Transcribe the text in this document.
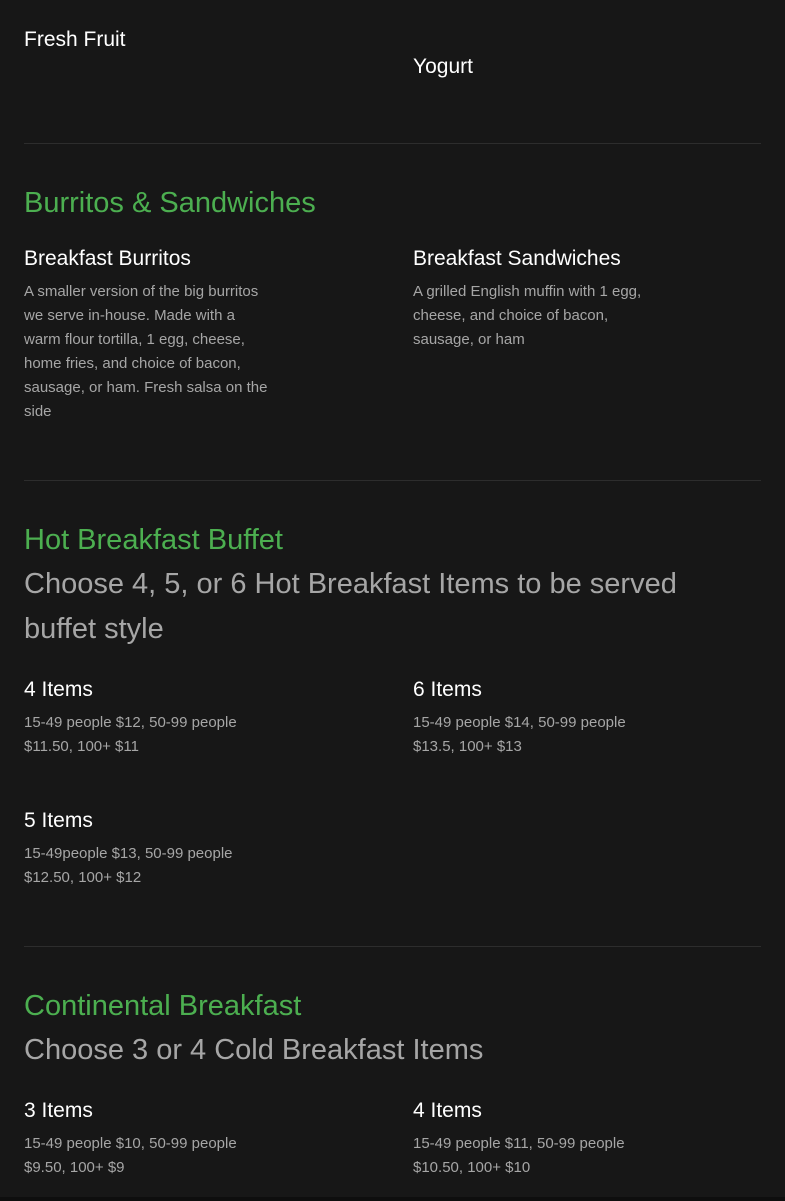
Fresh Fruit
Yogurt
Burritos & Sandwiches
Breakfast Burritos
A smaller version of the big burritos we serve in-house. Made with a warm flour tortilla, 1 egg, cheese, home fries, and choice of bacon, sausage, or ham. Fresh salsa on the side
Breakfast Sandwiches
A grilled English muffin with 1 egg, cheese, and choice of bacon, sausage, or ham
Hot Breakfast Buffet
Choose 4, 5, or 6 Hot Breakfast Items to be served buffet style
4 Items
15-49 people $12, 50-99 people $11.50, 100+ $11
6 Items
15-49 people $14, 50-99 people $13.5, 100+ $13
5 Items
15-49people $13, 50-99 people $12.50, 100+ $12
Continental Breakfast
Choose 3 or 4 Cold Breakfast Items
3 Items
15-49 people $10, 50-99 people $9.50, 100+ $9
4 Items
15-49 people $11, 50-99 people $10.50, 100+ $10
